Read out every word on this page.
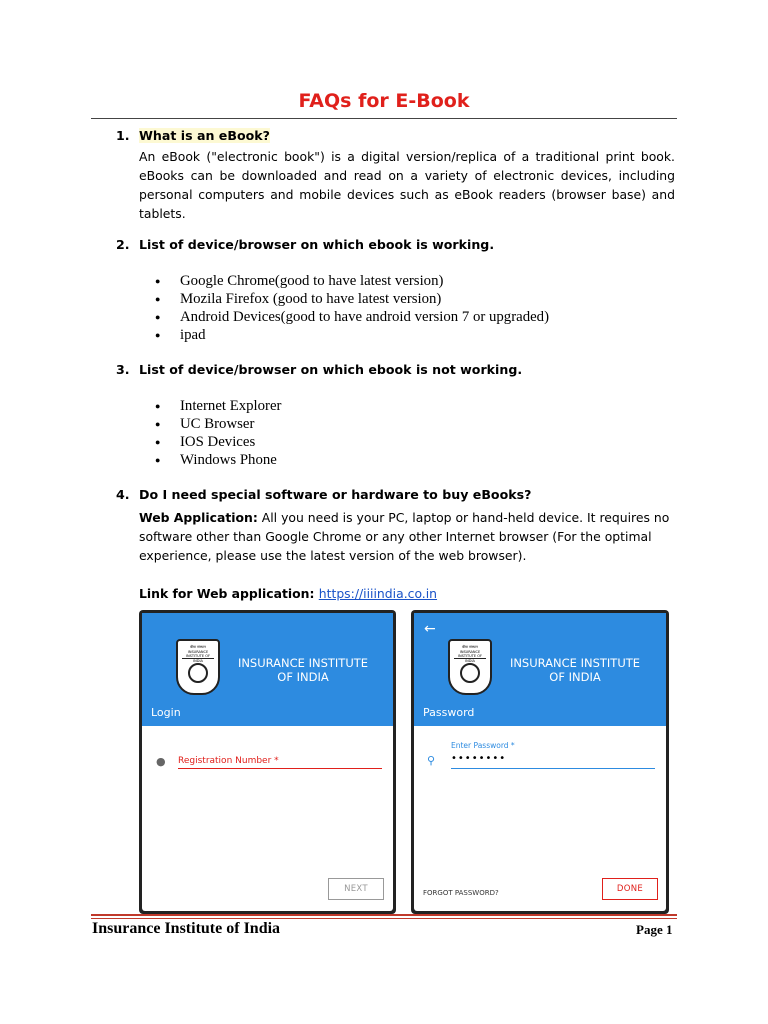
FAQs for E-Book
1. What is an eBook?
An eBook ("electronic book") is a digital version/replica of a traditional print book. eBooks can be downloaded and read on a variety of electronic devices, including personal computers and mobile devices such as eBook readers (browser base) and tablets.
2. List of device/browser on which ebook is working.
● Google Chrome(good to have latest version)
● Mozila Firefox (good to have latest version)
● Android Devices(good to have android version 7 or upgraded)
● ipad
3. List of device/browser on which ebook is not working.
● Internet Explorer
● UC Browser
● IOS Devices
● Windows Phone
4. Do I need special software or hardware to buy eBooks?
Web Application: All you need is your PC, laptop or hand-held device. It requires no software other than Google Chrome or any other Internet browser (For the optimal experience, please use the latest version of the web browser).
Link for Web application: https://iiiindia.co.in
बीमा संस्थान INSURANCE INSTITUTE OF INDIA	INSURANCE INSTITUTE
OF INDIA
Login
● Registration Number *
NEXT
←
बीमा संस्थान INSURANCE INSTITUTE OF INDIA	INSURANCE INSTITUTE
OF INDIA
Password
Enter Password *
⚲ ••••••••
FORGOT PASSWORD?	DONE
Insurance Institute of India	Page 1
